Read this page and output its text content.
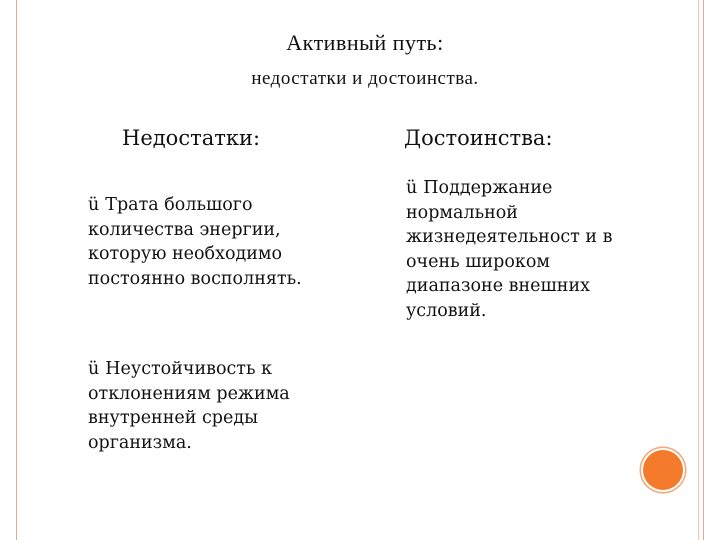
Активный путь:
недостатки и достоинства.
Недостатки:	Достоинства:
ü Трата большого количества энергии, которую необходимо постоянно восполнять.
ü Неустойчивость к отклонениям режима внутренней среды организма.
ü Поддержание нормальной жизнедеятельност и в очень широком диапазоне внешних условий.
